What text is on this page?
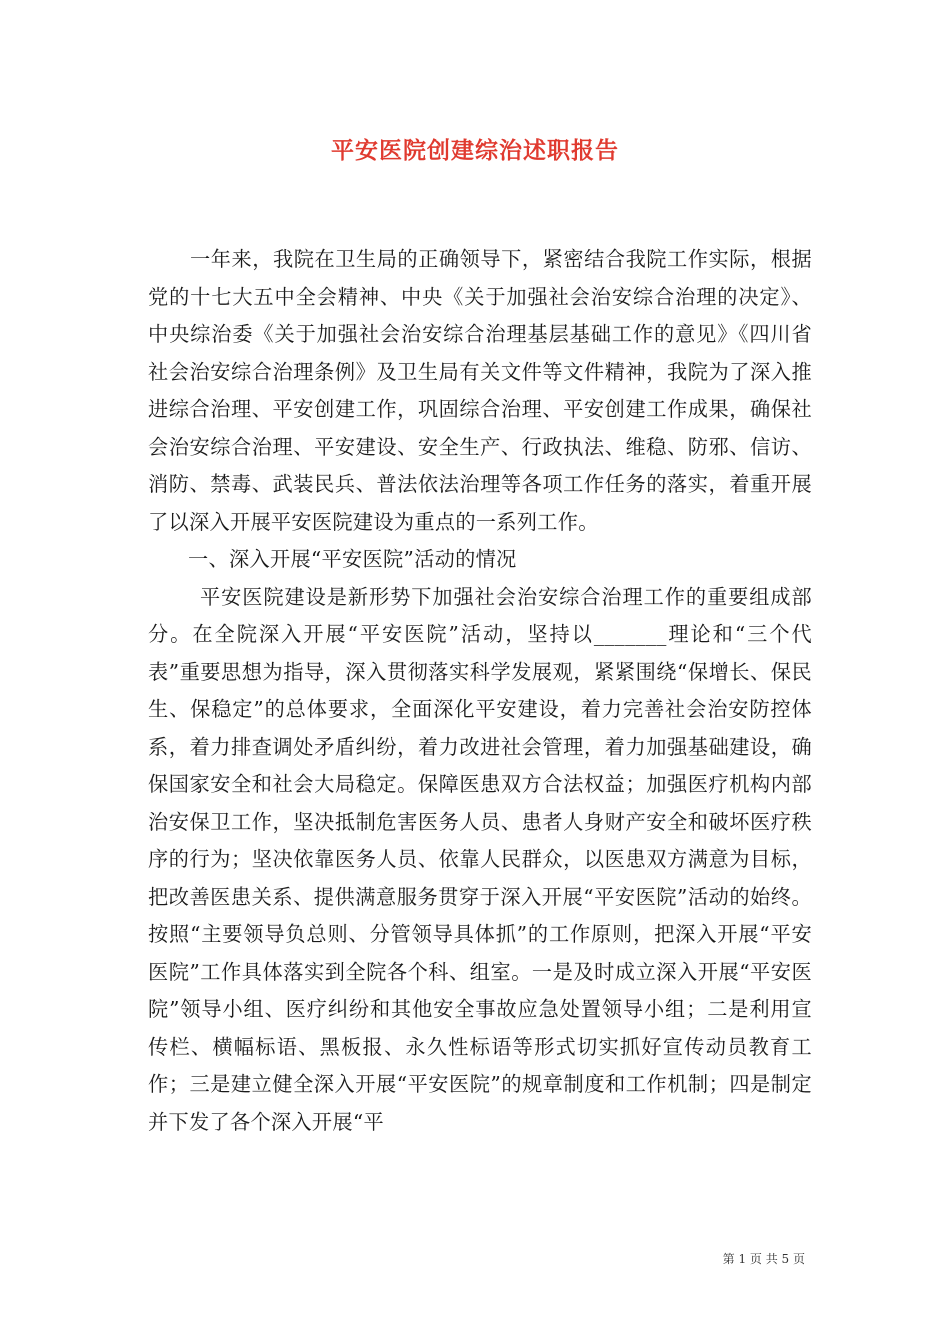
平安医院创建综治述职报告

一年来，我院在卫生局的正确领导下，紧密结合我院工作实际，根据党的十七大五中全会精神、中央《关于加强社会治安综合治理的决定》、中央综治委《关于加强社会治安综合治理基层基础工作的意见》《四川省社会治安综合治理条例》及卫生局有关文件等文件精神，我院为了深入推进综合治理、平安创建工作，巩固综合治理、平安创建工作成果，确保社会治安综合治理、平安建设、安全生产、行政执法、维稳、防邪、信访、消防、禁毒、武装民兵、普法依法治理等各项工作任务的落实，着重开展了以深入开展平安医院建设为重点的一系列工作。

一、深入开展“平安医院”活动的情况

平安医院建设是新形势下加强社会治安综合治理工作的重要组成部分。在全院深入开展“平安医院”活动，坚持以_______理论和“三个代表”重要思想为指导，深入贯彻落实科学发展观，紧紧围绕“保增长、保民生、保稳定”的总体要求，全面深化平安建设，着力完善社会治安防控体系，着力排查调处矛盾纠纷，着力改进社会管理，着力加强基础建设，确保国家安全和社会大局稳定。保障医患双方合法权益；加强医疗机构内部治安保卫工作，坚决抵制危害医务人员、患者人身财产安全和破坏医疗秩序的行为；坚决依靠医务人员、依靠人民群众，以医患双方满意为目标，把改善医患关系、提供满意服务贯穿于深入开展“平安医院”活动的始终。按照“主要领导负总则、分管领导具体抓”的工作原则，把深入开展“平安医院”工作具体落实到全院各个科、组室。一是及时成立深入开展“平安医院”领导小组、医疗纠纷和其他安全事故应急处置领导小组；二是利用宣传栏、横幅标语、黑板报、永久性标语等形式切实抓好宣传动员教育工作；三是建立健全深入开展“平安医院”的规章制度和工作机制；四是制定并下发了各个深入开展“平

第 1 页 共 5 页
